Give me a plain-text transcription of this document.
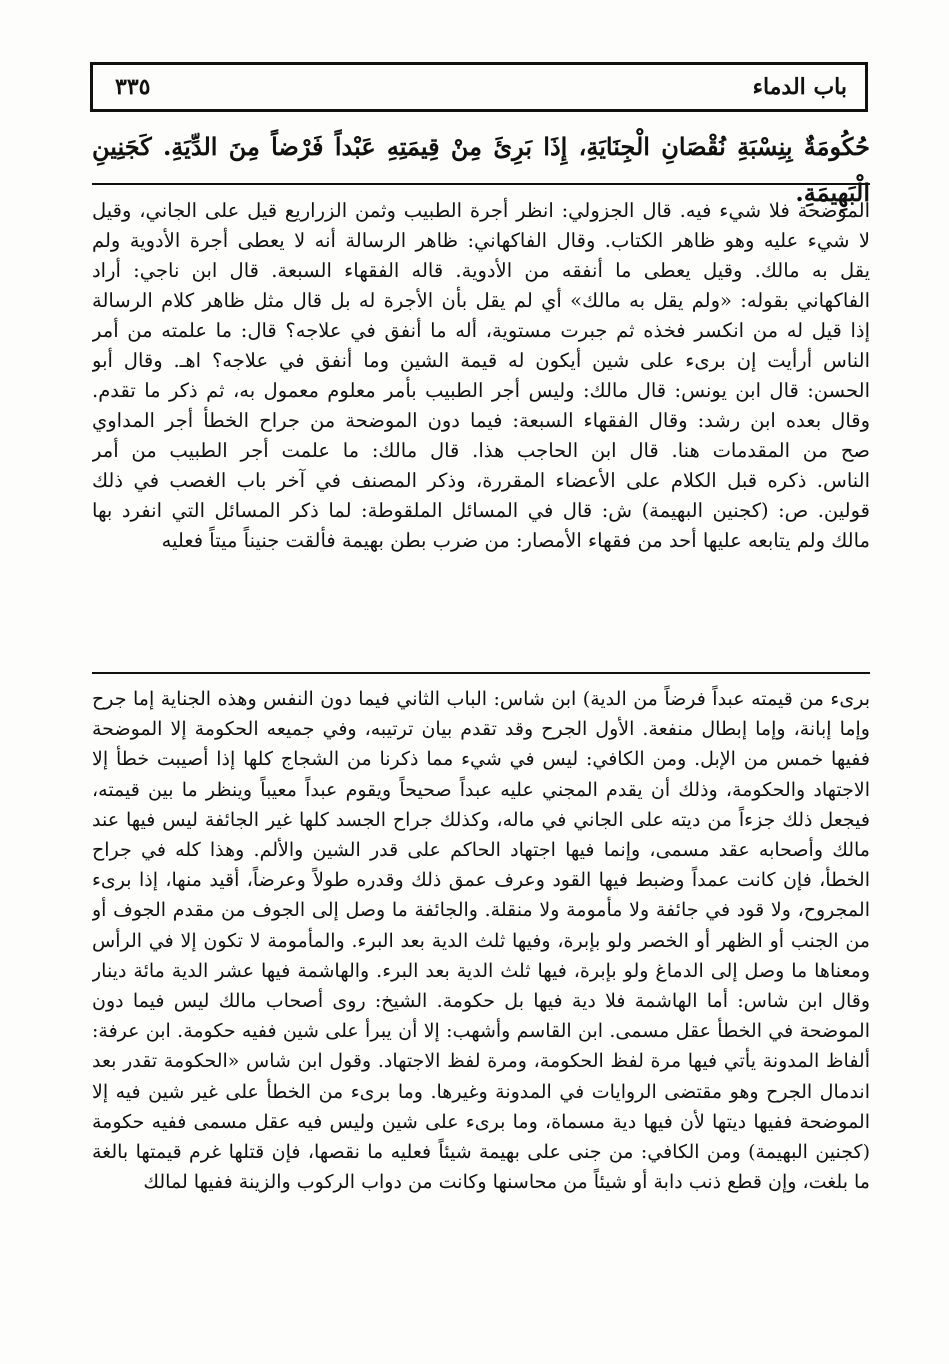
باب الدماء
٣٣٥
حُكُومَةٌ بِنِسْبَةِ نُقْصَانِ الْجِنَايَةِ، إِذَا بَرِئَ مِنْ قِيمَتِهِ عَبْداً فَرْضاً مِنَ الدِّيَةِ. كَجَنِينِ الْبَهِيمَةِ.
الموضحة فلا شيء فيه. قال الجزولي: انظر أجرة الطبيب وثمن الزراريع قيل على الجاني، وقيل
لا شيء عليه وهو ظاهر الكتاب. وقال الفاكهاني: ظاهر الرسالة أنه لا يعطى أجرة الأدوية ولم
يقل به مالك. وقيل يعطى ما أنفقه من الأدوية. قاله الفقهاء السبعة. قال ابن ناجي: أراد
الفاكهاني بقوله: «ولم يقل به مالك» أي لم يقل بأن الأجرة له بل قال مثل ظاهر كلام الرسالة
إذا قيل له من انكسر فخذه ثم جبرت مستوية، أله ما أنفق في علاجه؟ قال: ما علمته من أمر
الناس أرأيت إن برىء على شين أيكون له قيمة الشين وما أنفق في علاجه؟ اهـ. وقال أبو
الحسن: قال ابن يونس: قال مالك: وليس أجر الطبيب بأمر معلوم معمول به، ثم ذكر ما تقدم.
وقال بعده ابن رشد: وقال الفقهاء السبعة: فيما دون الموضحة من جراح الخطأ أجر المداوي
صح من المقدمات هنا. قال ابن الحاجب هذا. قال مالك: ما علمت أجر الطبيب من أمر
الناس. ذكره قبل الكلام على الأعضاء المقررة، وذكر المصنف في آخر باب الغصب في ذلك
قولين. ص: (كجنين البهيمة) ش: قال في المسائل الملقوطة: لما ذكر المسائل التي انفرد بها
مالك ولم يتابعه عليها أحد من فقهاء الأمصار: من ضرب بطن بهيمة فألقت جنيناً ميتاً فعليه
برىء من قيمته عبداً فرضاً من الدية) ابن شاس: الباب الثاني فيما دون النفس وهذه الجناية إما جرح
وإما إبانة، وإما إبطال منفعة. الأول الجرح وقد تقدم بيان ترتيبه، وفي جميعه الحكومة إلا الموضحة
ففيها خمس من الإبل. ومن الكافي: ليس في شيء مما ذكرنا من الشجاج كلها إذا أصيبت خطأ إلا
الاجتهاد والحكومة، وذلك أن يقدم المجني عليه عبداً صحيحاً ويقوم عبداً معيباً وينظر ما بين قيمته،
فيجعل ذلك جزءاً من ديته على الجاني في ماله، وكذلك جراح الجسد كلها غير الجائفة ليس فيها عند
مالك وأصحابه عقد مسمى، وإنما فيها اجتهاد الحاكم على قدر الشين والألم. وهذا كله في جراح
الخطأ، فإن كانت عمداً وضبط فيها القود وعرف عمق ذلك وقدره طولاً وعرضاً، أقيد منها، إذا برىء
المجروح، ولا قود في جائفة ولا مأمومة ولا منقلة. والجائفة ما وصل إلى الجوف من مقدم الجوف أو
من الجنب أو الظهر أو الخصر ولو بإبرة، وفيها ثلث الدية بعد البرء. والمأمومة لا تكون إلا في الرأس
ومعناها ما وصل إلى الدماغ ولو بإبرة، فيها ثلث الدية بعد البرء. والهاشمة فيها عشر الدية مائة دينار
وقال ابن شاس: أما الهاشمة فلا دية فيها بل حكومة. الشيخ: روى أصحاب مالك ليس فيما دون
الموضحة في الخطأ عقل مسمى. ابن القاسم وأشهب: إلا أن يبرأ على شين ففيه حكومة. ابن عرفة:
ألفاظ المدونة يأتي فيها مرة لفظ الحكومة، ومرة لفظ الاجتهاد. وقول ابن شاس «الحكومة تقدر بعد
اندمال الجرح وهو مقتضى الروايات في المدونة وغيرها. وما برىء من الخطأ على غير شين فيه إلا
الموضحة ففيها ديتها لأن فيها دية مسماة، وما برىء على شين وليس فيه عقل مسمى ففيه حكومة
(كجنين البهيمة) ومن الكافي: من جنى على بهيمة شيئاً فعليه ما نقصها، فإن قتلها غرم قيمتها بالغة
ما بلغت، وإن قطع ذنب دابة أو شيئاً من محاسنها وكانت من دواب الركوب والزينة ففيها لمالك
